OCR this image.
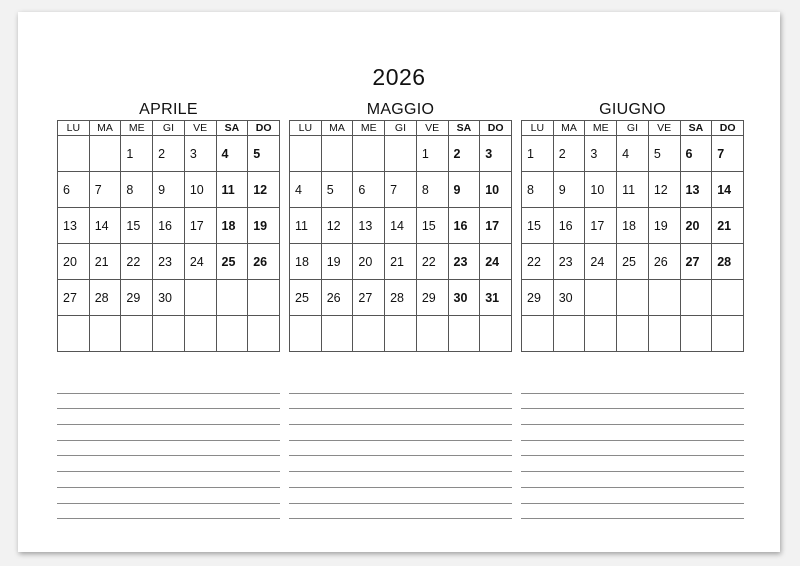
2026
APRILE
LU	MA	ME	GI	VE	SA	DO
		1	2	3	4	5
6	7	8	9	10	11	12
13	14	15	16	17	18	19
20	21	22	23	24	25	26
27	28	29	30			

MAGGIO
LU	MA	ME	GI	VE	SA	DO
				1	2	3
4	5	6	7	8	9	10
11	12	13	14	15	16	17
18	19	20	21	22	23	24
25	26	27	28	29	30	31

GIUGNO
LU	MA	ME	GI	VE	SA	DO
1	2	3	4	5	6	7
8	9	10	11	12	13	14
15	16	17	18	19	20	21
22	23	24	25	26	27	28
29	30					
